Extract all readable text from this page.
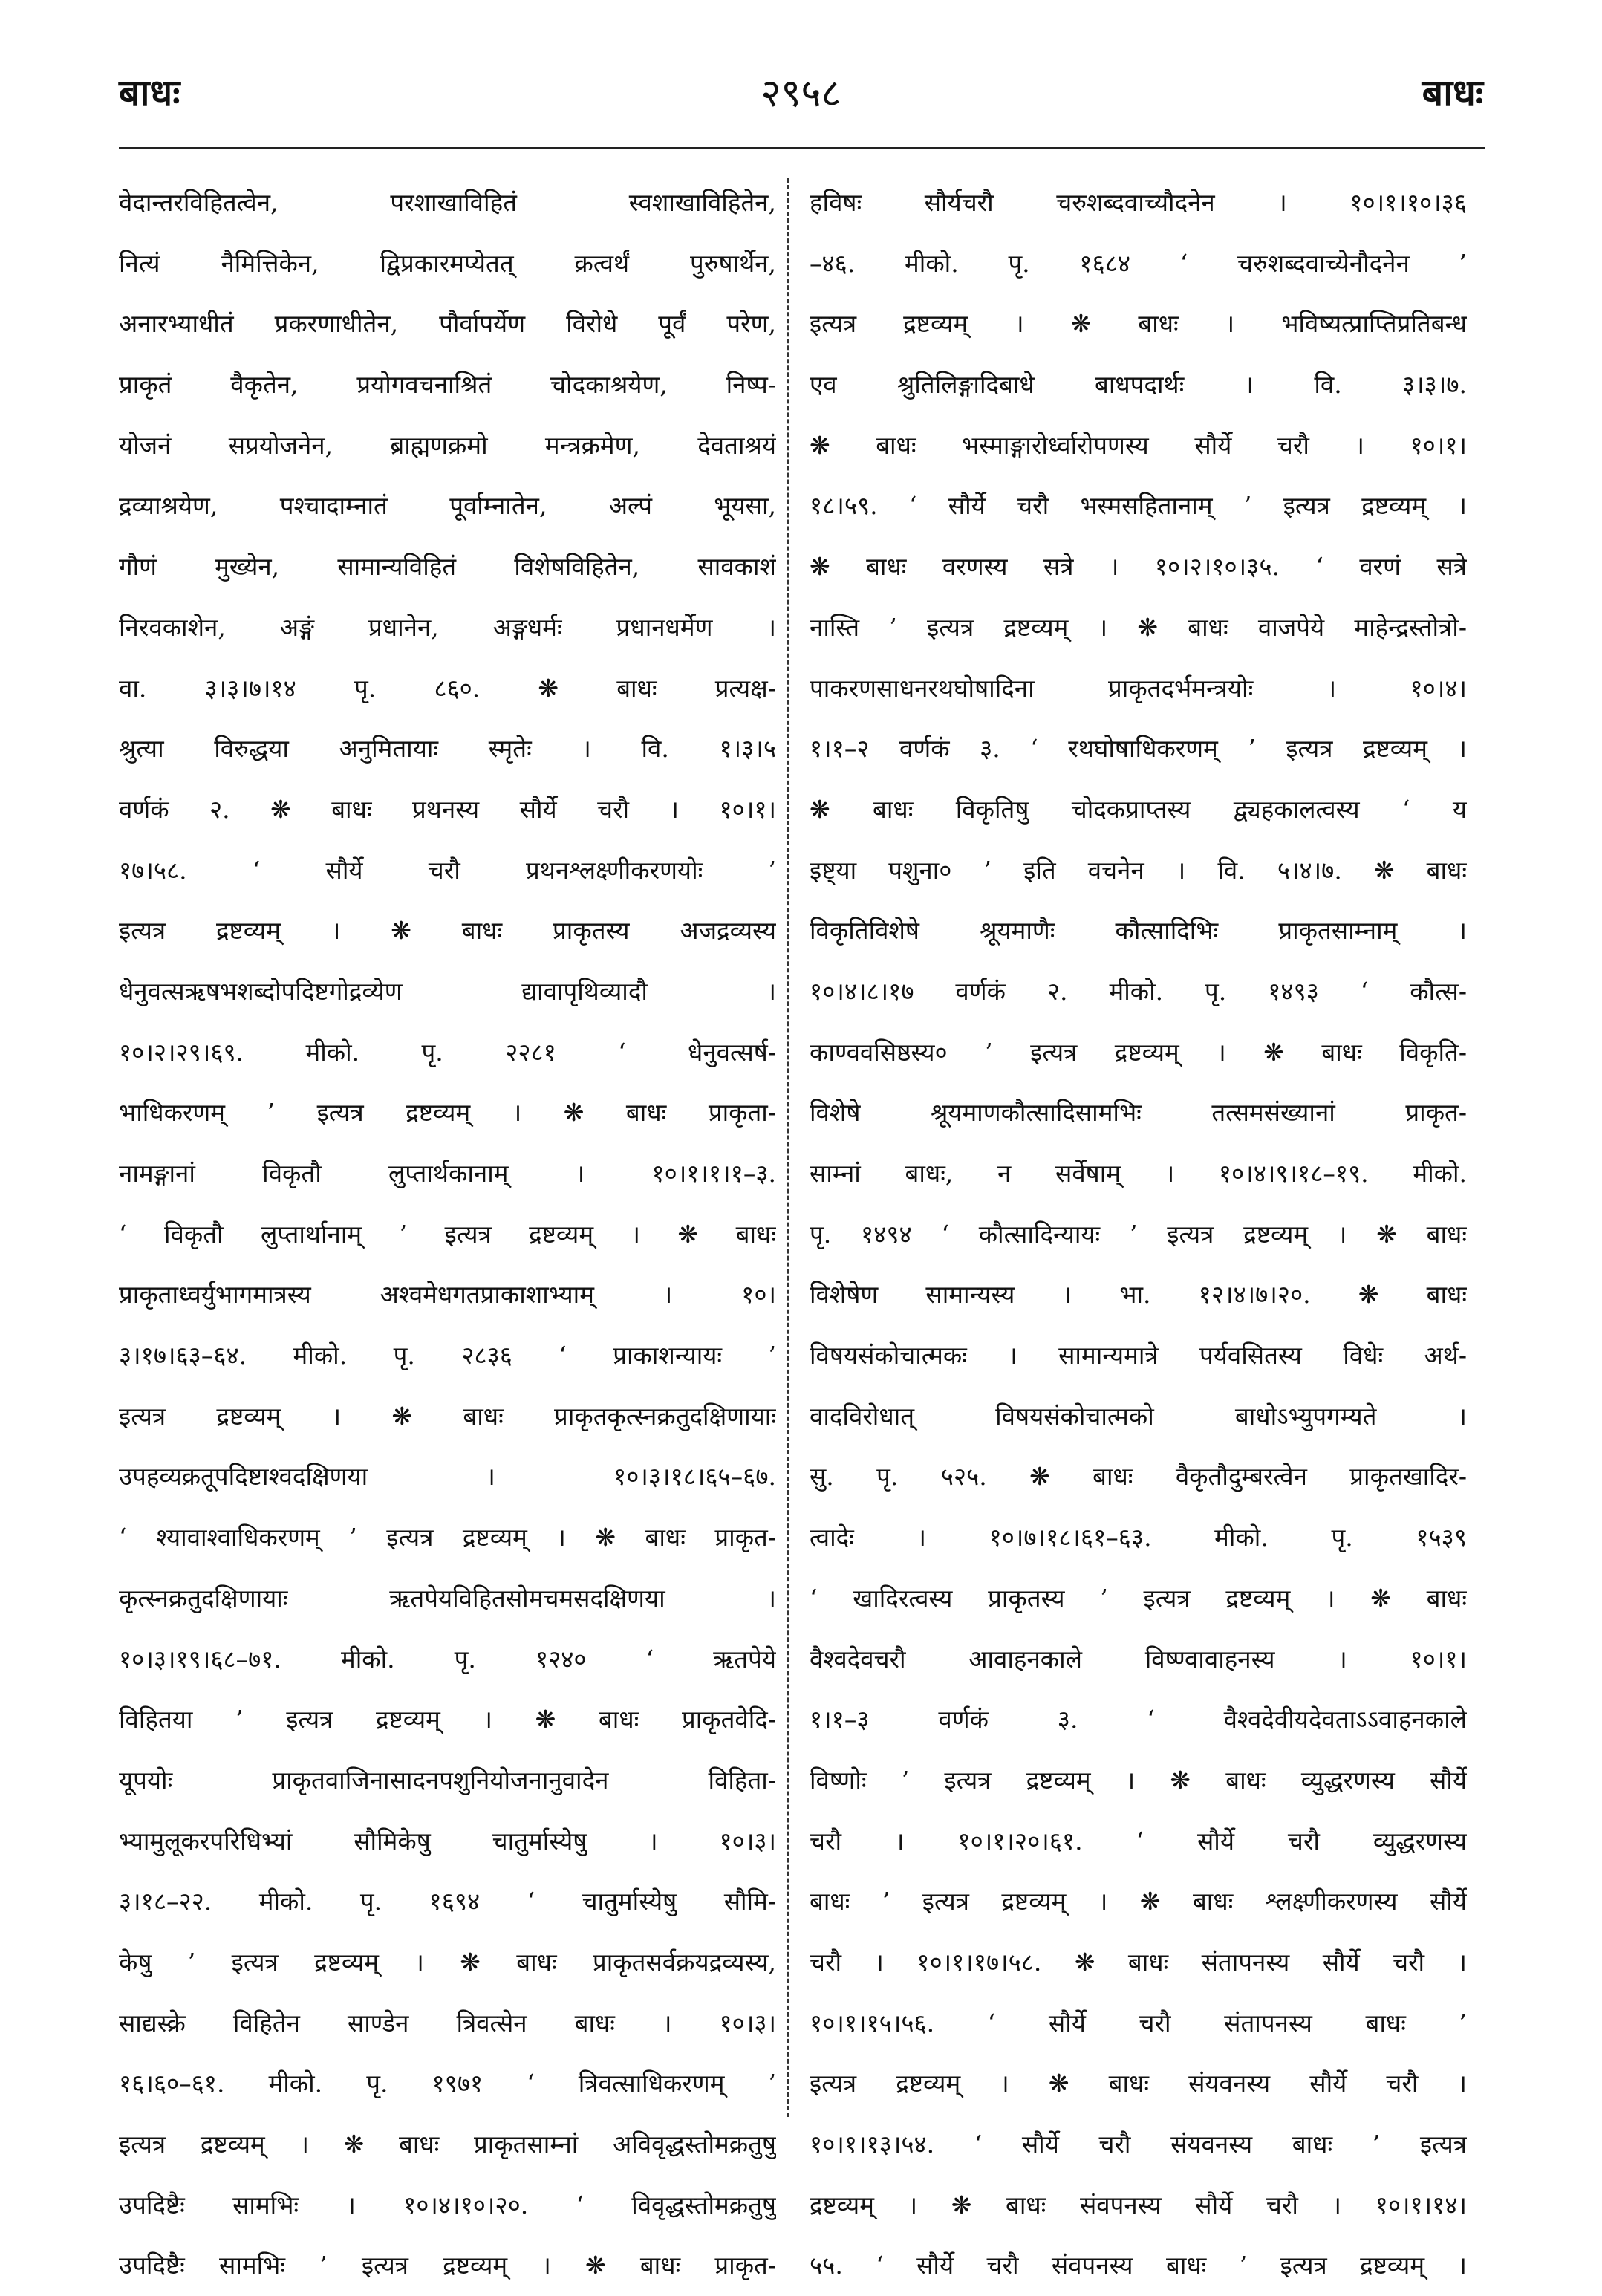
२९५८
बाधः	बाधः
वेदान्तरविहितत्वेन, परशाखाविहितं स्वशाखाविहितेन,
नित्यं नैमित्तिकेन, द्विप्रकारमप्येतत् क्रत्वर्थं पुरुषार्थेन,
अनारभ्याधीतं प्रकरणाधीतेन, पौर्वापर्येण विरोधे पूर्वं परेण,
प्राकृतं वैकृतेन, प्रयोगवचनाश्रितं चोदकाश्रयेण, निष्प-
योजनं सप्रयोजनेन, ब्राह्मणक्रमो मन्त्रक्रमेण, देवताश्रयं
द्रव्याश्रयेण, पश्चादाम्नातं पूर्वाम्नातेन, अल्पं भूयसा,
गौणं मुख्येन, सामान्यविहितं विशेषविहितेन, सावकाशं
निरवकाशेन, अङ्गं प्रधानेन, अङ्गधर्मः प्रधानधर्मेण ।
वा. ३।३।७।१४ पृ. ८६०. ❋ बाधः प्रत्यक्ष-
श्रुत्या विरुद्धया अनुमितायाः स्मृतेः । वि. १।३।५
वर्णकं २. ❋ बाधः प्रथनस्य सौर्ये चरौ । १०।१।
१७।५८. ‘ सौर्ये चरौ प्रथनश्लक्ष्णीकरणयोः ’
इत्यत्र द्रष्टव्यम् । ❋ बाधः प्राकृतस्य अजद्रव्यस्य
धेनुवत्सऋषभशब्दोपदिष्टगोद्रव्येण द्यावापृथिव्यादौ ।
१०।२।२९।६९. मीको. पृ. २२८१ ‘ धेनुवत्सर्ष-
भाधिकरणम् ’ इत्यत्र द्रष्टव्यम् । ❋ बाधः प्राकृता-
नामङ्गानां विकृतौ लुप्तार्थकानाम् । १०।१।१।१–३.
‘ विकृतौ लुप्तार्थानाम् ’ इत्यत्र द्रष्टव्यम् । ❋ बाधः
प्राकृताध्वर्युभागमात्रस्य अश्वमेधगतप्राकाशाभ्याम् । १०।
३।१७।६३–६४. मीको. पृ. २८३६ ‘ प्राकाशन्यायः ’
इत्यत्र द्रष्टव्यम् । ❋ बाधः प्राकृतकृत्स्नक्रतुदक्षिणायाः
उपहव्यक्रतूपदिष्टाश्वदक्षिणया । १०।३।१८।६५–६७.
‘ श्यावाश्वाधिकरणम् ’ इत्यत्र द्रष्टव्यम् । ❋ बाधः प्राकृत-
कृत्स्नक्रतुदक्षिणायाः ऋतपेयविहितसोमचमसदक्षिणया ।
१०।३।१९।६८–७१. मीको. पृ. १२४० ‘ ऋतपेये
विहितया ’ इत्यत्र द्रष्टव्यम् । ❋ बाधः प्राकृतवेदि-
यूपयोः प्राकृतवाजिनासादनपशुनियोजनानुवादेन विहिता-
भ्यामुलूकरपरिधिभ्यां सौमिकेषु चातुर्मास्येषु । १०।३।
३।१८–२२. मीको. पृ. १६९४ ‘ चातुर्मास्येषु सौमि-
केषु ’ इत्यत्र द्रष्टव्यम् । ❋ बाधः प्राकृतसर्वक्रयद्रव्यस्य,
साद्यस्क्रे विहितेन साण्डेन त्रिवत्सेन बाधः । १०।३।
१६।६०–६१. मीको. पृ. १९७१ ‘ त्रिवत्साधिकरणम् ’
इत्यत्र द्रष्टव्यम् । ❋ बाधः प्राकृतसाम्नां अविवृद्धस्तोमक्रतुषु
उपदिष्टैः सामभिः । १०।४।१०।२०. ‘ विवृद्धस्तोमक्रतुषु
उपदिष्टैः सामभिः ’ इत्यत्र द्रष्टव्यम् । ❋ बाधः प्राकृत-
हविषः सौर्यचरौ चरुशब्दवाच्यौदनेन । १०।१।१०।३६
–४६. मीको. पृ. १६८४ ‘ चरुशब्दवाच्येनौदनेन ’
इत्यत्र द्रष्टव्यम् । ❋ बाधः । भविष्यत्प्राप्तिप्रतिबन्ध
एव श्रुतिलिङ्गादिबाधे बाधपदार्थः । वि. ३।३।७.
❋ बाधः भस्माङ्गारोर्ध्वारोपणस्य सौर्ये चरौ । १०।१।
१८।५९. ‘ सौर्ये चरौ भस्मसहितानाम् ’ इत्यत्र द्रष्टव्यम् ।
❋ बाधः वरणस्य सत्रे । १०।२।१०।३५. ‘ वरणं सत्रे
नास्ति ’ इत्यत्र द्रष्टव्यम् । ❋ बाधः वाजपेये माहेन्द्रस्तोत्रो-
पाकरणसाधनरथघोषादिना प्राकृतदर्भमन्त्रयोः । १०।४।
१।१–२ वर्णकं ३. ‘ रथघोषाधिकरणम् ’ इत्यत्र द्रष्टव्यम् ।
❋ बाधः विकृतिषु चोदकप्राप्तस्य द्व्यहकालत्वस्य ‘ य
इष्ट्या पशुना० ’ इति वचनेन । वि. ५।४।७. ❋ बाधः
विकृतिविशेषे श्रूयमाणैः कौत्सादिभिः प्राकृतसाम्नाम् ।
१०।४।८।१७ वर्णकं २. मीको. पृ. १४९३ ‘ कौत्स-
काण्ववसिष्ठस्य० ’ इत्यत्र द्रष्टव्यम् । ❋ बाधः विकृति-
विशेषे श्रूयमाणकौत्सादिसामभिः तत्समसंख्यानां प्राकृत-
साम्नां बाधः, न सर्वेषाम् । १०।४।९।१८–१९. मीको.
पृ. १४९४ ‘ कौत्सादिन्यायः ’ इत्यत्र द्रष्टव्यम् । ❋ बाधः
विशेषेण सामान्यस्य । भा. १२।४।७।२०. ❋ बाधः
विषयसंकोचात्मकः । सामान्यमात्रे पर्यवसितस्य विधेः अर्थ-
वादविरोधात् विषयसंकोचात्मको बाधोऽभ्युपगम्यते ।
सु. पृ. ५२५. ❋ बाधः वैकृतौदुम्बरत्वेन प्राकृतखादिर-
त्वादेः । १०।७।१८।६१–६३. मीको. पृ. १५३९
‘ खादिरत्वस्य प्राकृतस्य ’ इत्यत्र द्रष्टव्यम् । ❋ बाधः
वैश्वदेवचरौ आवाहनकाले विष्ण्वावाहनस्य । १०।१।
१।१–३ वर्णकं ३. ‘ वैश्वदेवीयदेवताऽऽवाहनकाले
विष्णोः ’ इत्यत्र द्रष्टव्यम् । ❋ बाधः व्युद्धरणस्य सौर्ये
चरौ । १०।१।२०।६१. ‘ सौर्ये चरौ व्युद्धरणस्य
बाधः ’ इत्यत्र द्रष्टव्यम् । ❋ बाधः श्लक्ष्णीकरणस्य सौर्ये
चरौ । १०।१।१७।५८. ❋ बाधः संतापनस्य सौर्ये चरौ ।
१०।१।१५।५६. ‘ सौर्ये चरौ संतापनस्य बाधः ’
इत्यत्र द्रष्टव्यम् । ❋ बाधः संयवनस्य सौर्ये चरौ ।
१०।१।१३।५४. ‘ सौर्ये चरौ संयवनस्य बाधः ’ इत्यत्र
द्रष्टव्यम् । ❋ बाधः संवपनस्य सौर्ये चरौ । १०।१।१४।
५५. ‘ सौर्ये चरौ संवपनस्य बाधः ’ इत्यत्र द्रष्टव्यम् ।
